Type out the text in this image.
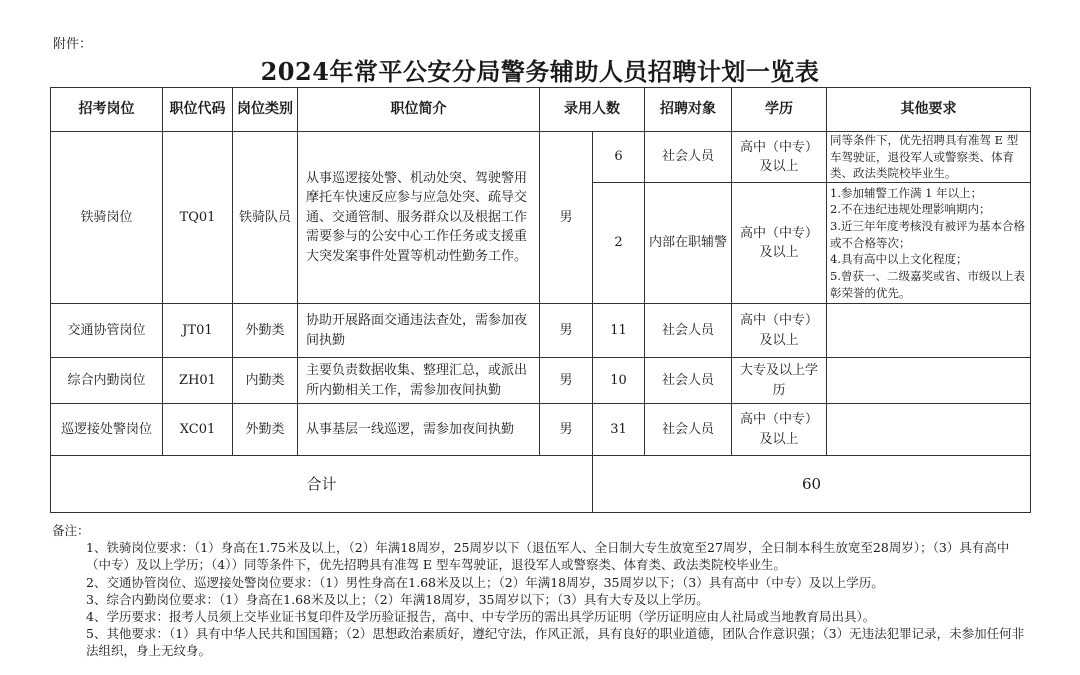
附件：
2024年常平公安分局警务辅助人员招聘计划一览表
招考岗位	职位代码	岗位类别	职位简介	录用人数		招聘对象	学历	其他要求
铁骑岗位	TQ01	铁骑队员	从事巡逻接处警、机动处突、驾驶警用摩托车快速反应参与应急处突、疏导交通、交通管制、服务群众以及根据工作需要参与的公安中心工作任务或支援重大突发案事件处置等机动性勤务工作。	男	6	社会人员	高中（中专）及以上	同等条件下，优先招聘具有准驾 E 型车驾驶证，退役军人或警察类、体育类、政法类院校毕业生。
					2	内部在职辅警	高中（中专）及以上	1.参加辅警工作满 1 年以上；
2.不在违纪违规处理影响期内；
3.近三年年度考核没有被评为基本合格或不合格等次；
4.具有高中以上文化程度；
5.曾获一、二级嘉奖或省、市级以上表彰荣誉的优先。

交通协管岗位	JT01	外勤类	协助开展路面交通违法查处，需参加夜间执勤	男	11	社会人员	高中（中专）及以上	
综合内勤岗位	ZH01	内勤类	主要负责数据收集、整理汇总，或派出所内勤相关工作，需参加夜间执勤	男	10	社会人员	大专及以上学历	
巡逻接处警岗位	XC01	外勤类	从事基层一线巡逻，需参加夜间执勤	男	31	社会人员	高中（中专）及以上	
合计					60			

备注：

1、铁骑岗位要求：（1）身高在1.75米及以上，（2）年满18周岁，25周岁以下（退伍军人、全日制大专生放宽至27周岁，全日制本科生放宽至28周岁）；（3）具有高中（中专）及以上学历；（4））同等条件下，优先招聘具有准驾 E 型车驾驶证，退役军人或警察类、体育类、政法类院校毕业生。

2、交通协管岗位、巡逻接处警岗位要求：（1）男性身高在1.68米及以上；（2）年满18周岁，35周岁以下；（3）具有高中（中专）及以上学历。

3、综合内勤岗位要求：（1）身高在1.68米及以上；（2）年满18周岁，35周岁以下；（3）具有大专及以上学历。

4、学历要求：报考人员须上交毕业证书复印件及学历验证报告，高中、中专学历的需出具学历证明（学历证明应由人社局或当地教育局出具）。

5、其他要求：（1）具有中华人民共和国国籍；（2）思想政治素质好，遵纪守法，作风正派，具有良好的职业道德，团队合作意识强；（3）无违法犯罪记录，未参加任何非法组织，身上无纹身。
